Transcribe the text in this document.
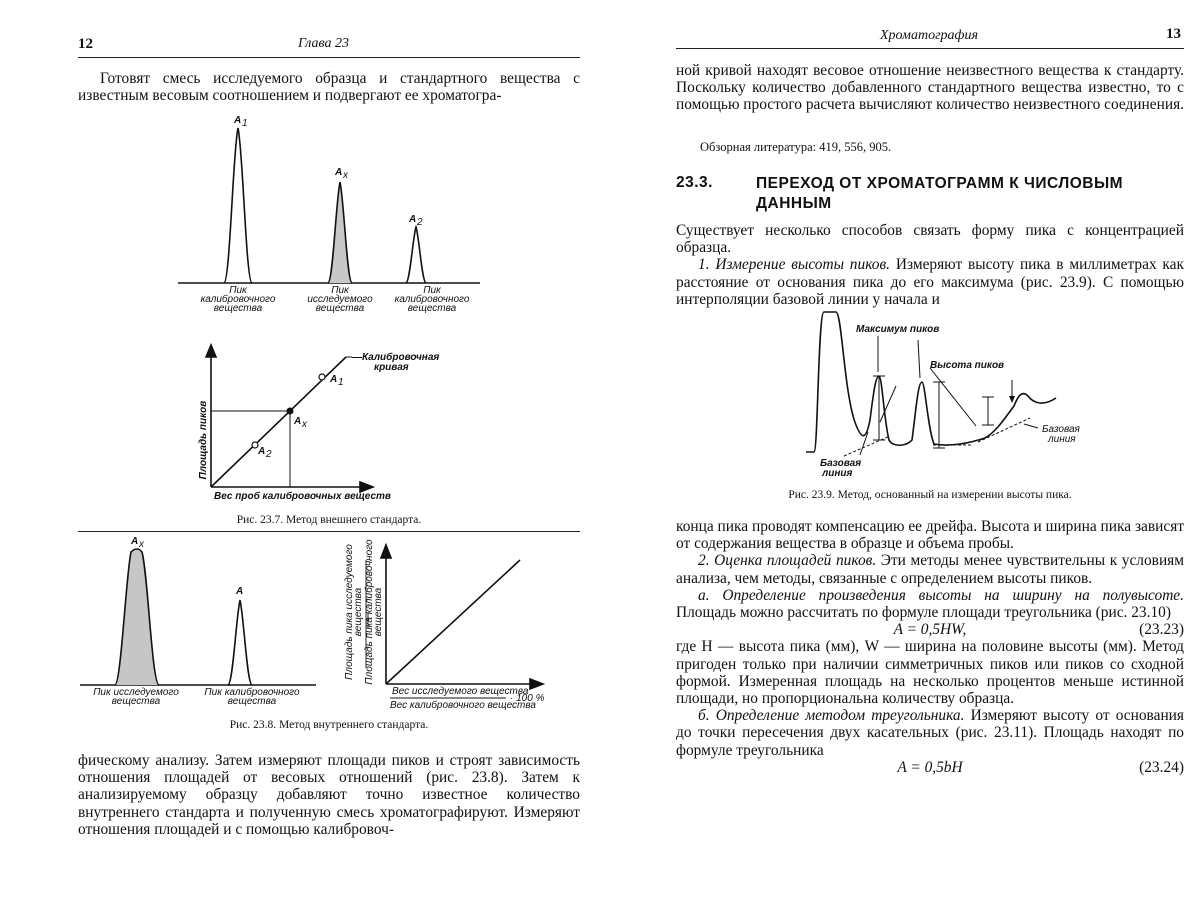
12	Глава 23

Готовят смесь исследуемого образца и стандартного вещества с известным весовым соотношением и подвергают ее хроматогра-

A 1
A x
A 2
Пик
калибровочного
вещества
Пик
исследуемого
вещества
Пик
калибровочного
вещества
A 1
A x
A 2
—Калибровочная
кривая
Площадь пиков
Вес проб калибровочных веществ
A x
A
Пик исследуемого
вещества
Пик калибровочного
вещества
Площадь пика исследуемого
вещества Площадь пика калибровочного
вещества
Вес исследуемого вещества
Вес калибровочного вещества
· 100 %
Рис. 23.7. Метод внешнего стандарта.
Рис. 23.8. Метод внутреннего стандарта.

фическому анализу. Затем измеряют площади пиков и строят зависимость отношения площадей от весовых отношений (рис. 23.8). Затем к анализируемому образцу добавляют точно известное количество внутреннего стандарта и полученную смесь хроматографируют. Измеряют отношения площадей и с помощью калибровоч-

Хроматография	13

ной кривой находят весовое отношение неизвестного вещества к стандарту. Поскольку количество добавленного стандартного вещества известно, то с помощью простого расчета вычисляют количество неизвестного соединения.

Обзорная литература: 419, 556, 905.
23.3.	ПЕРЕХОД ОТ ХРОМАТОГРАММ К ЧИСЛОВЫМ ДАННЫМ

Существует несколько способов связать форму пика с концентрацией образца.

1. Измерение высоты пиков. Измеряют высоту пика в миллиметрах как расстояние от основания пика до его максимума (рис. 23.9). С помощью интерполяции базовой линии у начала и

Максимум пиков
Высота пиков
Базовая
линия
Базовая
линия
Рис. 23.9. Метод, основанный на измерении высоты пика.

конца пика проводят компенсацию ее дрейфа. Высота и ширина пика зависят от содержания вещества в образце и объема пробы.

2. Оценка площадей пиков. Эти методы менее чувствительны к условиям анализа, чем методы, связанные с определением высоты пиков.

а. Определение произведения высоты на ширину на полувысоте. Площадь можно рассчитать по формуле площади треугольника (рис. 23.10)

A = 0,5HW,	(23.23)

где H — высота пика (мм), W — ширина на половине высоты (мм). Метод пригоден только при наличии симметричных пиков или пиков со сходной формой. Измеренная площадь на несколько процентов меньше истинной площади, но пропорциональна количеству образца.

б. Определение методом треугольника. Измеряют высоту от основания до точки пересечения двух касательных (рис. 23.11). Площадь находят по формуле треугольника

A = 0,5bH	(23.24)
